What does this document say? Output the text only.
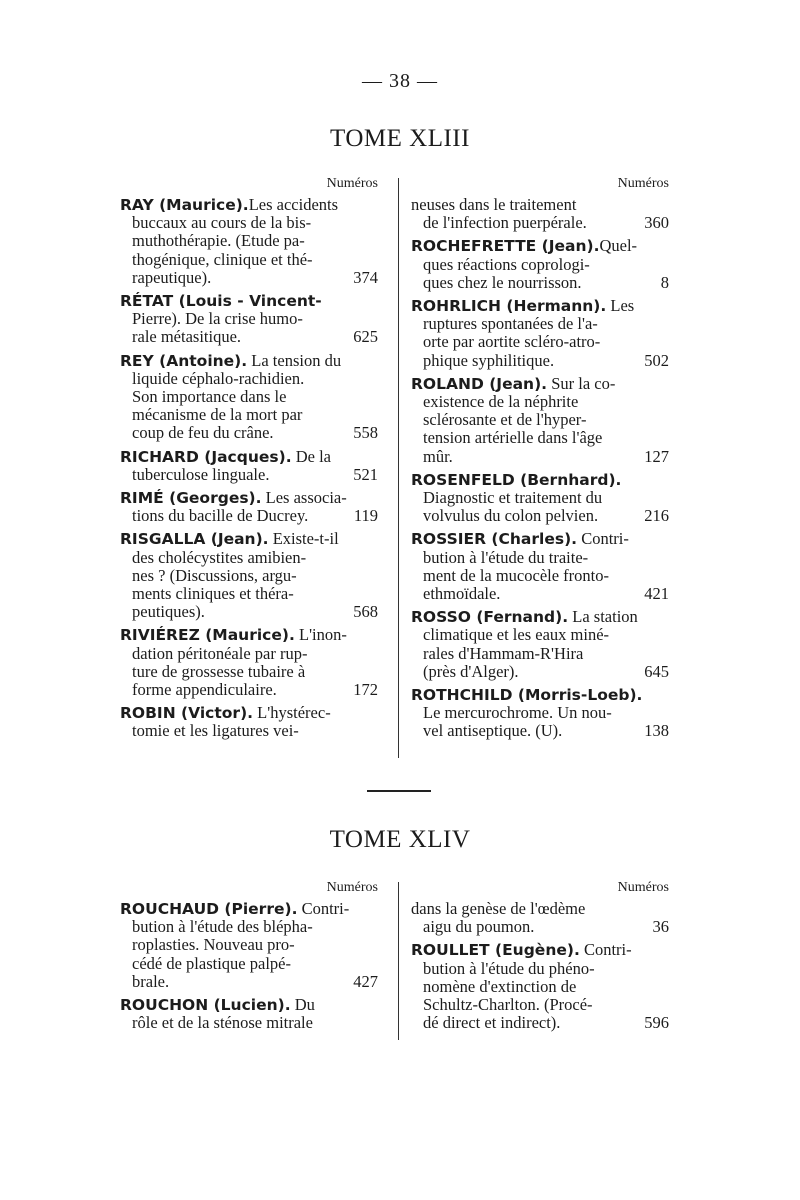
— 38 —
TOME XLIII
Numéros
RAY (Maurice).Les accidents
buccaux au cours de la bis-
muthothérapie. (Etude pa-
thogénique, clinique et thé-
rapeutique).	374
RÉTAT (Louis - Vincent-
Pierre). De la crise humo-
rale métasitique.	625
REY (Antoine). La tension du
liquide céphalo-rachidien.
Son importance dans le
mécanisme de la mort par
coup de feu du crâne.	558
RICHARD (Jacques). De la
tuberculose linguale.	521
RIMÉ (Georges). Les associa-
tions du bacille de Ducrey.	119
RISGALLA (Jean). Existe-t-il
des cholécystites amibien-
nes ? (Discussions, argu-
ments cliniques et théra-
peutiques).	568
RIVIÉREZ (Maurice). L'inon-
dation péritonéale par rup-
ture de grossesse tubaire à
forme appendiculaire.	172
ROBIN (Victor). L'hystérec-
tomie et les ligatures vei-
Numéros
neuses dans le traitement
de l'infection puerpérale.	360
ROCHEFRETTE (Jean).Quel-
ques réactions coprologi-
ques chez le nourrisson.	8
ROHRLICH (Hermann). Les
ruptures spontanées de l'a-
orte par aortite scléro-atro-
phique syphilitique.	502
ROLAND (Jean). Sur la co-
existence de la néphrite
sclérosante et de l'hyper-
tension artérielle dans l'âge
mûr.	127
ROSENFELD (Bernhard).
Diagnostic et traitement du
volvulus du colon pelvien.	216
ROSSIER (Charles). Contri-
bution à l'étude du traite-
ment de la mucocèle fronto-
ethmoïdale.	421
ROSSO (Fernand). La station
climatique et les eaux miné-
rales d'Hammam-R'Hira
(près d'Alger).	645
ROTHCHILD (Morris-Loeb).
Le mercurochrome. Un nou-
vel antiseptique. (U).	138
TOME XLIV
Numéros
ROUCHAUD (Pierre). Contri-
bution à l'étude des blépha-
roplasties. Nouveau pro-
cédé de plastique palpé-
brale.	427
ROUCHON (Lucien). Du
rôle et de la sténose mitrale
Numéros
dans la genèse de l'œdème
aigu du poumon.	36
ROULLET (Eugène). Contri-
bution à l'étude du phéno-
nomène d'extinction de
Schultz-Charlton. (Procé-
dé direct et indirect).	596
